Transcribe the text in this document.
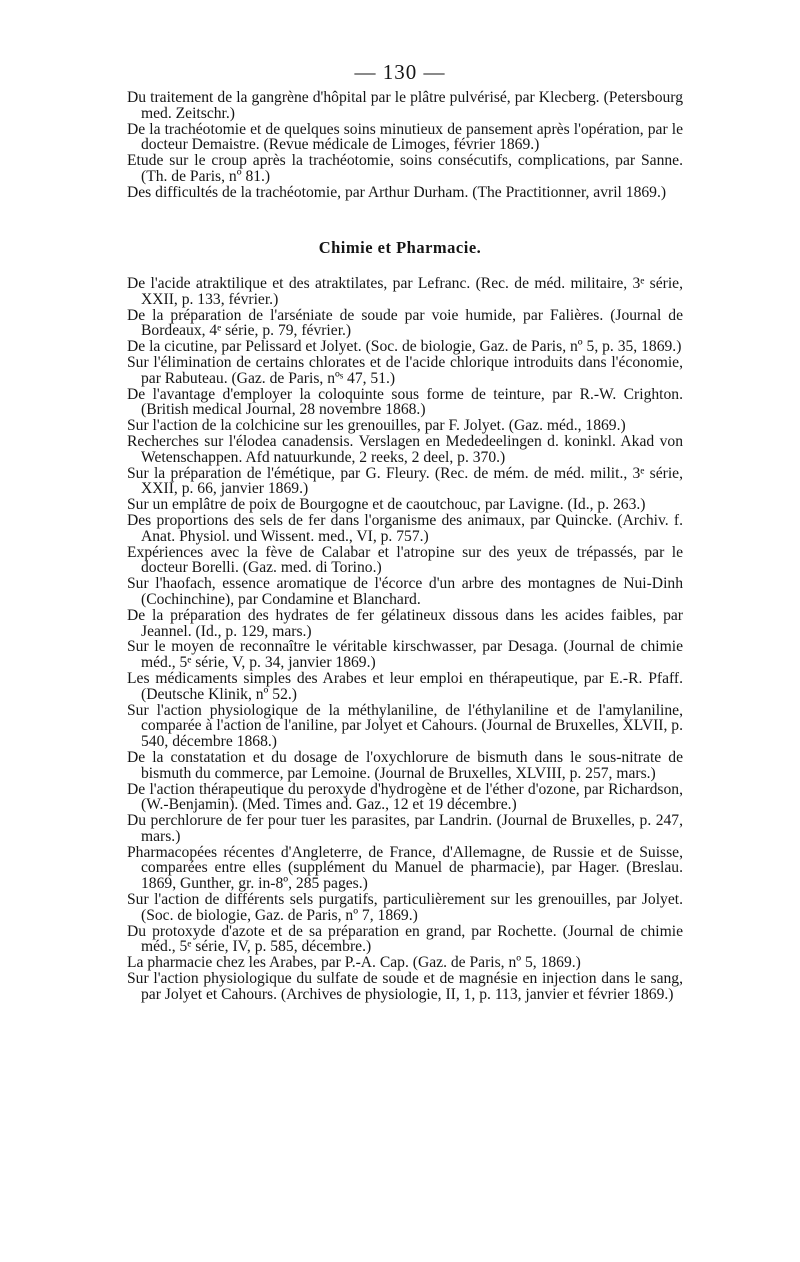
— 130 —

Du traitement de la gangrène d'hôpital par le plâtre pulvérisé, par Klecberg. (Petersbourg med. Zeitschr.)

De la trachéotomie et de quelques soins minutieux de pansement après l'opération, par le docteur Demaistre. (Revue médicale de Limoges, février 1869.)

Etude sur le croup après la trachéotomie, soins consécutifs, complications, par Sanne. (Th. de Paris, nº 81.)

Des difficultés de la trachéotomie, par Arthur Durham. (The Practitionner, avril 1869.)

Chimie et Pharmacie.

De l'acide atraktilique et des atraktilates, par Lefranc. (Rec. de méd. militaire, 3ᵉ série, XXII, p. 133, février.)

De la préparation de l'arséniate de soude par voie humide, par Falières. (Journal de Bordeaux, 4ᵉ série, p. 79, février.)

De la cicutine, par Pelissard et Jolyet. (Soc. de biologie, Gaz. de Paris, nº 5, p. 35, 1869.)

Sur l'élimination de certains chlorates et de l'acide chlorique introduits dans l'économie, par Rabuteau. (Gaz. de Paris, nºˢ 47, 51.)

De l'avantage d'employer la coloquinte sous forme de teinture, par R.-W. Crighton. (British medical Journal, 28 novembre 1868.)

Sur l'action de la colchicine sur les grenouilles, par F. Jolyet. (Gaz. méd., 1869.)

Recherches sur l'élodea canadensis. Verslagen en Mededeelingen d. koninkl. Akad von Wetenschappen. Afd natuurkunde, 2 reeks, 2 deel, p. 370.)

Sur la préparation de l'émétique, par G. Fleury. (Rec. de mém. de méd. milit., 3ᵉ série, XXII, p. 66, janvier 1869.)

Sur un emplâtre de poix de Bourgogne et de caoutchouc, par Lavigne. (Id., p. 263.)

Des proportions des sels de fer dans l'organisme des animaux, par Quincke. (Archiv. f. Anat. Physiol. und Wissent. med., VI, p. 757.)

Expériences avec la fève de Calabar et l'atropine sur des yeux de trépassés, par le docteur Borelli. (Gaz. med. di Torino.)

Sur l'haofach, essence aromatique de l'écorce d'un arbre des montagnes de Nui-Dinh (Cochinchine), par Condamine et Blanchard.

De la préparation des hydrates de fer gélatineux dissous dans les acides faibles, par Jeannel. (Id., p. 129, mars.)

Sur le moyen de reconnaître le véritable kirschwasser, par Desaga. (Journal de chimie méd., 5ᵉ série, V, p. 34, janvier 1869.)

Les médicaments simples des Arabes et leur emploi en thérapeutique, par E.-R. Pfaff. (Deutsche Klinik, nº 52.)

Sur l'action physiologique de la méthylaniline, de l'éthylaniline et de l'amylaniline, comparée à l'action de l'aniline, par Jolyet et Cahours. (Journal de Bruxelles, XLVII, p. 540, décembre 1868.)

De la constatation et du dosage de l'oxychlorure de bismuth dans le sous-nitrate de bismuth du commerce, par Lemoine. (Journal de Bruxelles, XLVIII, p. 257, mars.)

De l'action thérapeutique du peroxyde d'hydrogène et de l'éther d'ozone, par Richardson, (W.-Benjamin). (Med. Times and. Gaz., 12 et 19 décembre.)

Du perchlorure de fer pour tuer les parasites, par Landrin. (Journal de Bruxelles, p. 247, mars.)

Pharmacopées récentes d'Angleterre, de France, d'Allemagne, de Russie et de Suisse, comparées entre elles (supplément du Manuel de pharmacie), par Hager. (Breslau. 1869, Gunther, gr. in-8º, 285 pages.)

Sur l'action de différents sels purgatifs, particulièrement sur les grenouilles, par Jolyet. (Soc. de biologie, Gaz. de Paris, nº 7, 1869.)

Du protoxyde d'azote et de sa préparation en grand, par Rochette. (Journal de chimie méd., 5ᵉ série, IV, p. 585, décembre.)

La pharmacie chez les Arabes, par P.-A. Cap. (Gaz. de Paris, nº 5, 1869.)

Sur l'action physiologique du sulfate de soude et de magnésie en injection dans le sang, par Jolyet et Cahours. (Archives de physiologie, II, 1, p. 113, janvier et février 1869.)
